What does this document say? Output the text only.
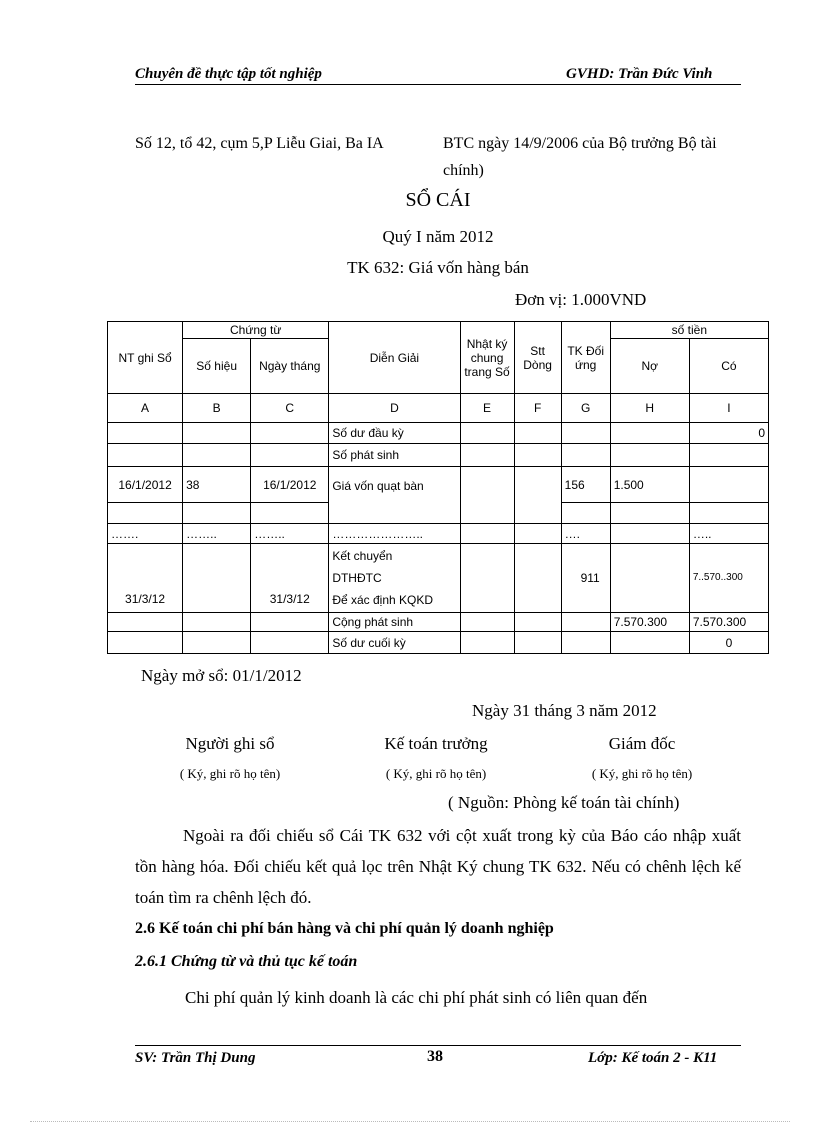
Chuyên đề thực tập tốt nghiệp	GVHD: Trần Đức Vinh
Số 12, tổ 42, cụm 5,P Liễu Giai, Ba IA	BTC ngày 14/9/2006 của Bộ trưởng Bộ tài
chính)
SỔ CÁI
Quý I năm 2012
TK 632: Giá vốn hàng bán
Đơn vị: 1.000VND
NT ghi Sổ	Chứng từ		Diễn Giải	Nhật ký chung trang Số	Stt Dòng	TK Đối ứng	số tiền	
	Số hiệu	Ngày tháng					Nợ	Có
A	B	C	D	E	F	G	H	I
			Số dư đầu kỳ					0
			Số phát sinh					
16/1/2012	38	16/1/2012	Giá vốn quạt bàn			156	1.500	

…….	……..	……..	…………………..			….		…..
31/3/12		31/3/12	Kết chuyển
DTHĐTC
Để xác định KQKD			911		7..570..300
			Cộng phát sinh				7.570.300	7.570.300
			Số dư cuối kỳ					0
Ngày mở sổ: 01/1/2012
Ngày 31 tháng 3 năm 2012
Người ghi sổ	Kế toán trưởng	Giám đốc
( Ký, ghi rõ họ tên)	( Ký, ghi rõ họ tên)	( Ký, ghi rõ họ tên)
( Nguồn: Phòng kế toán tài chính)
Ngoài ra đối chiếu sổ Cái TK 632 với cột xuất trong kỳ của Báo cáo nhập xuất tồn hàng hóa. Đối chiếu kết quả lọc trên Nhật Ký chung TK 632. Nếu có chênh lệch kế toán tìm ra chênh lệch đó.
2.6 Kế toán chi phí bán hàng và chi phí quản lý doanh nghiệp
2.6.1 Chứng từ và thủ tục kế toán
Chi phí quản lý kinh doanh là các chi phí phát sinh có liên quan đến
SV: Trần Thị Dung	38	Lớp: Kế toán 2 - K11
